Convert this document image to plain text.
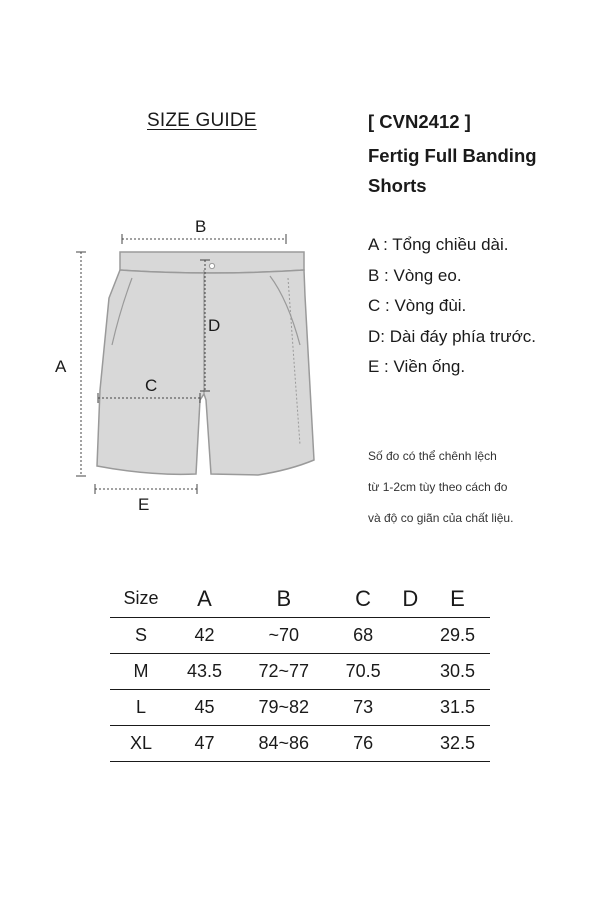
SIZE GUIDE	[ CVN2412 ]
Fertig Full Banding Shorts
B
A
D
C
E
A : Tổng chiều dài.
B : Vòng eo.
C : Vòng đùi.
D: Dài đáy phía trước.
E : Viền ống.
Số đo có thể chênh lệch
từ 1-2cm tùy theo cách đo
và độ co giãn của chất liệu.
Size	A	B	C	D	E
S	42	~70	68		29.5
M	43.5	72~77	70.5		30.5
L	45	79~82	73		31.5
XL	47	84~86	76		32.5
